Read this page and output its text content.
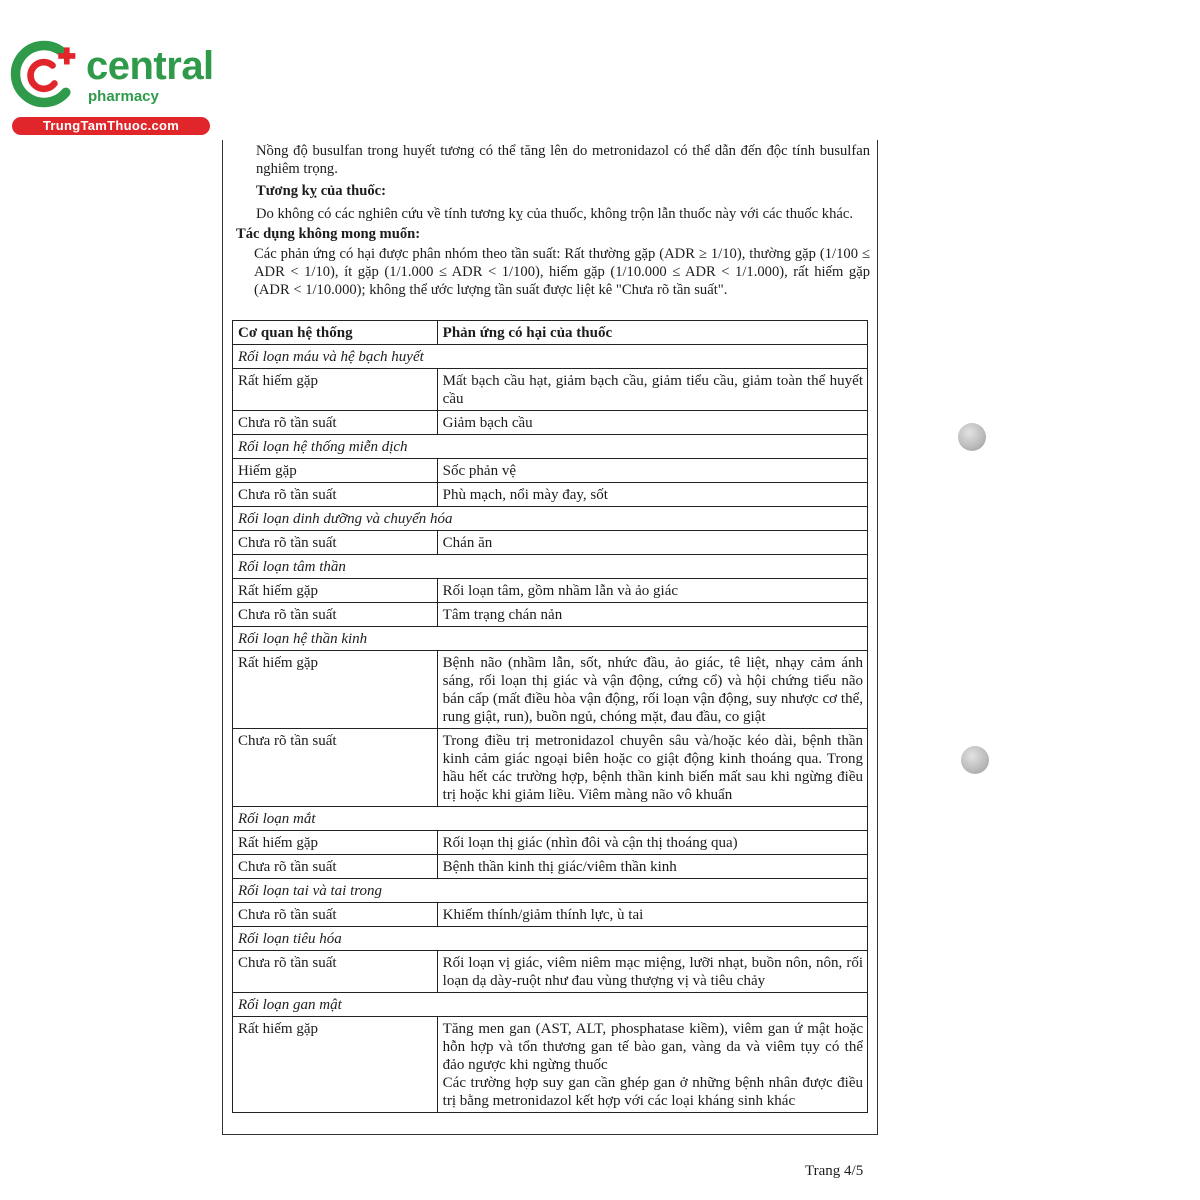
central
pharmacy
TrungTamThuoc.com

Nồng độ busulfan trong huyết tương có thể tăng lên do metronidazol có thể dẫn đến độc tính busulfan nghiêm trọng.

Tương kỵ của thuốc:

Do không có các nghiên cứu về tính tương kỵ của thuốc, không trộn lẫn thuốc này với các thuốc khác.

Tác dụng không mong muốn:

Các phản ứng có hại được phân nhóm theo tần suất: Rất thường gặp (ADR ≥ 1/10), thường gặp (1/100 ≤ ADR < 1/10), ít gặp (1/1.000 ≤ ADR < 1/100), hiếm gặp (1/10.000 ≤ ADR < 1/1.000), rất hiếm gặp (ADR < 1/10.000); không thể ước lượng tần suất được liệt kê "Chưa rõ tần suất".

Cơ quan hệ thống	Phản ứng có hại của thuốc
Rối loạn máu và hệ bạch huyết	
Rất hiếm gặp	Mất bạch cầu hạt, giảm bạch cầu, giảm tiểu cầu, giảm toàn thể huyết cầu
Chưa rõ tần suất	Giảm bạch cầu
Rối loạn hệ thống miễn dịch	
Hiếm gặp	Sốc phản vệ
Chưa rõ tần suất	Phù mạch, nổi mày đay, sốt
Rối loạn dinh dưỡng và chuyển hóa	
Chưa rõ tần suất	Chán ăn
Rối loạn tâm thần	
Rất hiếm gặp	Rối loạn tâm, gồm nhầm lẫn và ảo giác
Chưa rõ tần suất	Tâm trạng chán nản
Rối loạn hệ thần kinh	
Rất hiếm gặp	Bệnh não (nhầm lẫn, sốt, nhức đầu, ảo giác, tê liệt, nhạy cảm ánh sáng, rối loạn thị giác và vận động, cứng cổ) và hội chứng tiểu não bán cấp (mất điều hòa vận động, rối loạn vận động, suy nhược cơ thể, rung giật, run), buồn ngủ, chóng mặt, đau đầu, co giật
Chưa rõ tần suất	Trong điều trị metronidazol chuyên sâu và/hoặc kéo dài, bệnh thần kinh cảm giác ngoại biên hoặc co giật động kinh thoáng qua. Trong hầu hết các trường hợp, bệnh thần kinh biến mất sau khi ngừng điều trị hoặc khi giảm liều. Viêm màng não vô khuẩn
Rối loạn mắt	
Rất hiếm gặp	Rối loạn thị giác (nhìn đôi và cận thị thoáng qua)
Chưa rõ tần suất	Bệnh thần kinh thị giác/viêm thần kinh
Rối loạn tai và tai trong	
Chưa rõ tần suất	Khiếm thính/giảm thính lực, ù tai
Rối loạn tiêu hóa	
Chưa rõ tần suất	Rối loạn vị giác, viêm niêm mạc miệng, lưỡi nhạt, buồn nôn, nôn, rối loạn dạ dày-ruột như đau vùng thượng vị và tiêu chảy
Rối loạn gan mật	
Rất hiếm gặp	Tăng men gan (AST, ALT, phosphatase kiềm), viêm gan ứ mật hoặc hỗn hợp và tổn thương gan tế bào gan, vàng da và viêm tụy có thể đảo ngược khi ngừng thuốc
Các trường hợp suy gan cần ghép gan ở những bệnh nhân được điều trị bằng metronidazol kết hợp với các loại kháng sinh khác
Trang 4/5
